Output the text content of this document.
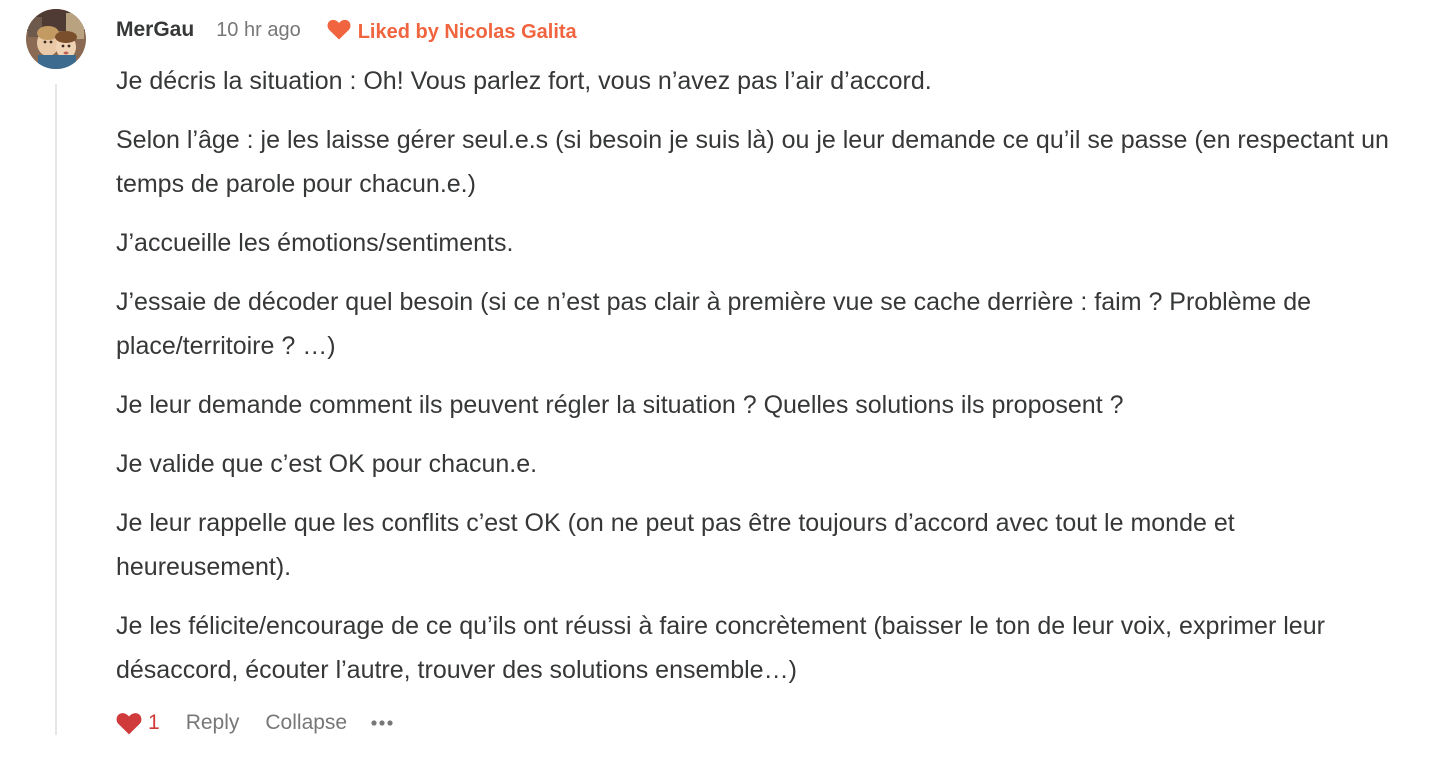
MerGau 10 hr ago	Liked by Nicolas Galita

Je décris la situation : Oh! Vous parlez fort, vous n’avez pas l’air d’accord.

Selon l’âge : je les laisse gérer seul.e.s (si besoin je suis là) ou je leur demande ce qu’il se passe (en respectant un temps de parole pour chacun.e.)

J’accueille les émotions/sentiments.

J’essaie de décoder quel besoin (si ce n’est pas clair à première vue se cache derrière : faim ? Problème de place/territoire ? …)

Je leur demande comment ils peuvent régler la situation ? Quelles solutions ils proposent ?

Je valide que c’est OK pour chacun.e.

Je leur rappelle que les conflits c’est OK (on ne peut pas être toujours d’accord avec tout le monde et heureusement).

Je les félicite/encourage de ce qu’ils ont réussi à faire concrètement (baisser le ton de leur voix, exprimer leur désaccord, écouter l’autre, trouver des solutions ensemble…)

1 Reply Collapse
